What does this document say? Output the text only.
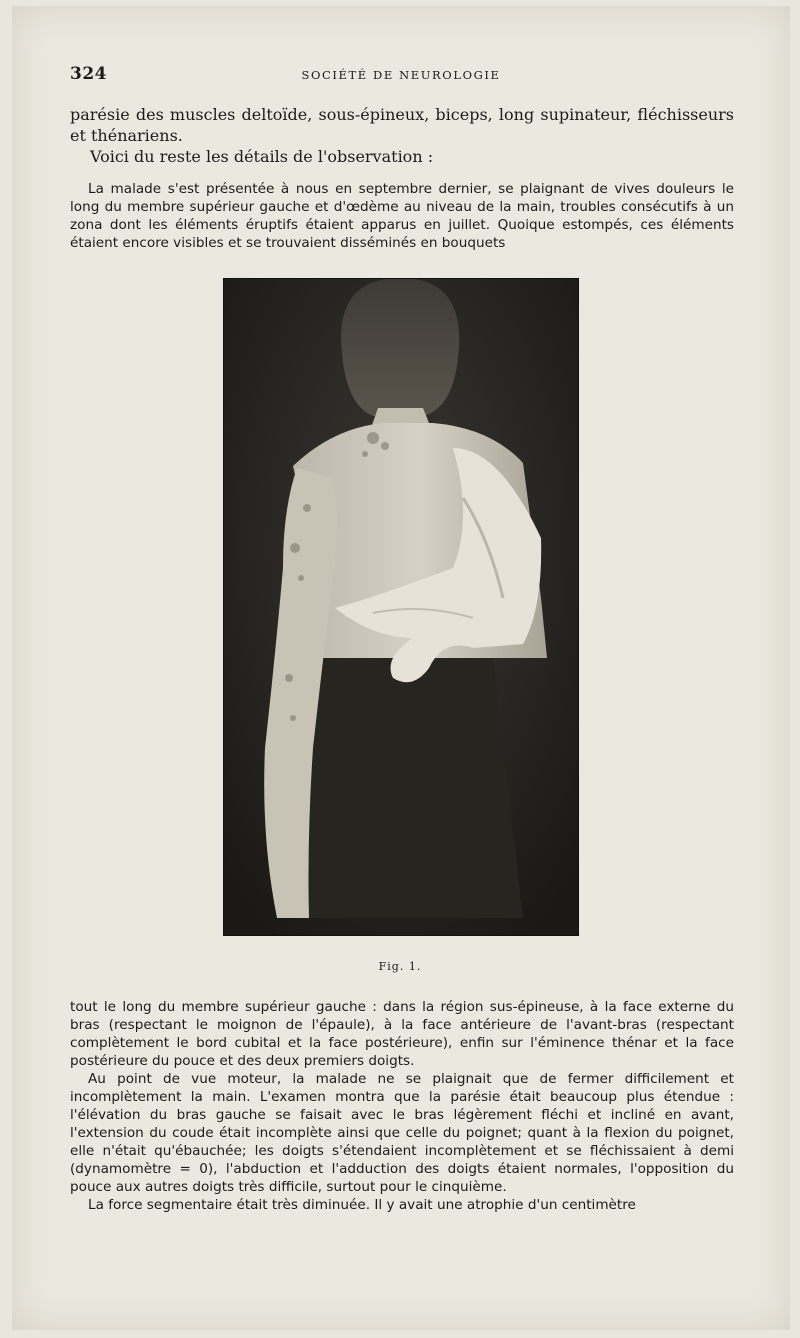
324	SOCIÉTÉ DE NEUROLOGIE

parésie des muscles deltoïde, sous-épineux, biceps, long supinateur, fléchisseurs et thénariens.

Voici du reste les détails de l'observation :

La malade s'est présentée à nous en septembre dernier, se plaignant de vives douleurs le long du membre supérieur gauche et d'œdème au niveau de la main, troubles consécutifs à un zona dont les éléments éruptifs étaient apparus en juillet. Quoique estompés, ces éléments étaient encore visibles et se trouvaient disséminés en bouquets

Fig. 1.

tout le long du membre supérieur gauche : dans la région sus-épineuse, à la face externe du bras (respectant le moignon de l'épaule), à la face antérieure de l'avant-bras (respectant complètement le bord cubital et la face postérieure), enfin sur l'éminence thénar et la face postérieure du pouce et des deux premiers doigts.

Au point de vue moteur, la malade ne se plaignait que de fermer difficilement et incomplètement la main. L'examen montra que la parésie était beaucoup plus étendue : l'élévation du bras gauche se faisait avec le bras légèrement fléchi et incliné en avant, l'extension du coude était incomplète ainsi que celle du poignet; quant à la flexion du poignet, elle n'était qu'ébauchée; les doigts s'étendaient incomplètement et se fléchissaient à demi (dynamomètre = 0), l'abduction et l'adduction des doigts étaient normales, l'opposition du pouce aux autres doigts très difficile, surtout pour le cinquième.

La force segmentaire était très diminuée. Il y avait une atrophie d'un centimètre
